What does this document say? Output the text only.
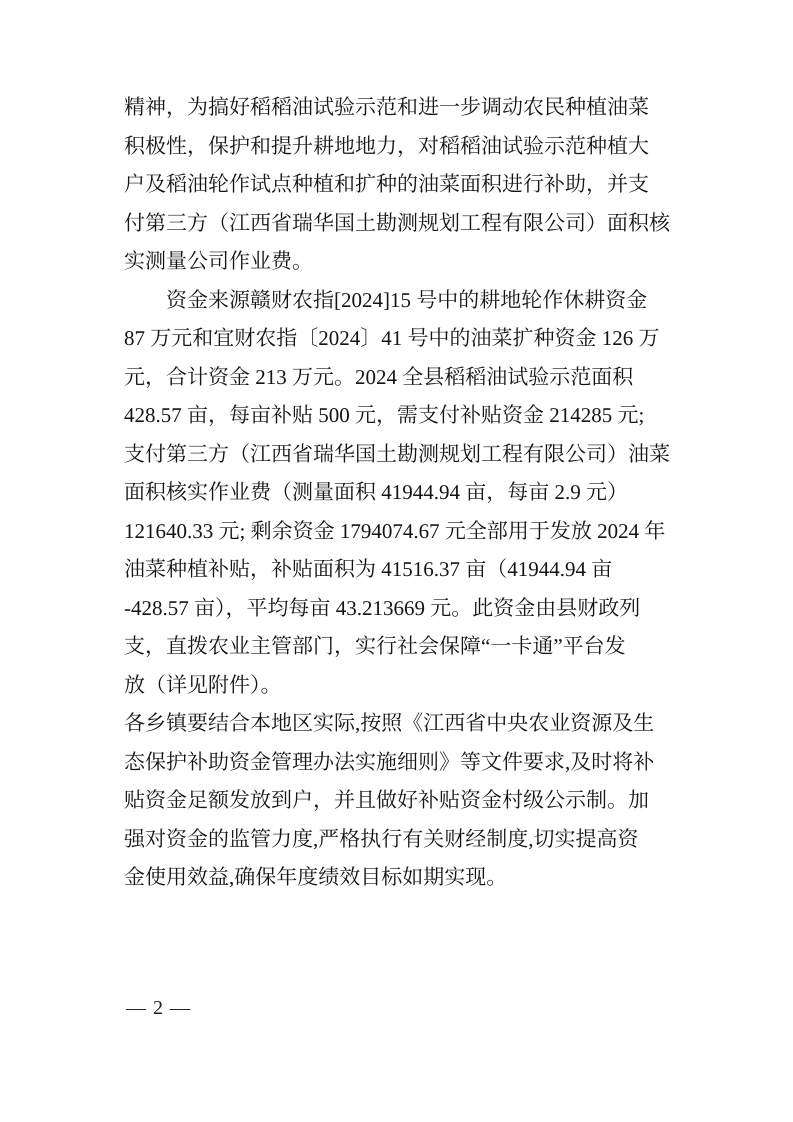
精神，为搞好稻稻油试验示范和进一步调动农民种植油菜
积极性，保护和提升耕地地力，对稻稻油试验示范种植大
户及稻油轮作试点种植和扩种的油菜面积进行补助，并支
付第三方（江西省瑞华国土勘测规划工程有限公司）面积核
实测量公司作业费。
资金来源赣财农指[2024]15 号中的耕地轮作休耕资金
87 万元和宜财农指〔2024〕41 号中的油菜扩种资金 126 万
元，合计资金 213 万元。2024 全县稻稻油试验示范面积
428.57 亩，每亩补贴 500 元，需支付补贴资金 214285 元;
支付第三方（江西省瑞华国土勘测规划工程有限公司）油菜
面积核实作业费（测量面积 41944.94 亩，每亩 2.9 元）
121640.33 元; 剩余资金 1794074.67 元全部用于发放 2024 年
油菜种植补贴，补贴面积为 41516.37 亩（41944.94 亩
-428.57 亩），平均每亩 43.213669 元。此资金由县财政列
支，直拨农业主管部门，实行社会保障“一卡通”平台发
放（详见附件）。
各乡镇要结合本地区实际,按照《江西省中央农业资源及生
态保护补助资金管理办法实施细则》等文件要求,及时将补
贴资金足额发放到户，并且做好补贴资金村级公示制。加
强对资金的监管力度,严格执行有关财经制度,切实提高资
金使用效益,确保年度绩效目标如期实现。
— 2 —
